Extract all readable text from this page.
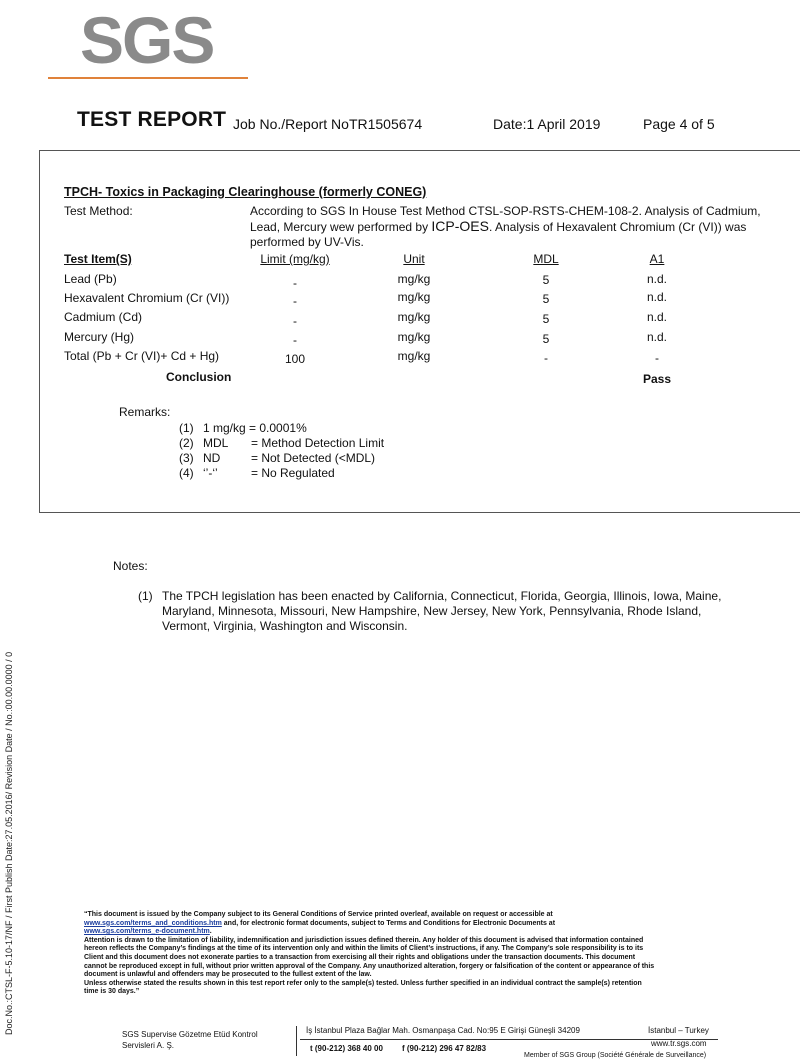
SGS
TEST REPORT Job No./Report NoTR1505674	Date:1 April 2019	Page 4 of 5
TPCH- Toxics in Packaging Clearinghouse (formerly CONEG)
Test Method:	According to SGS In House Test Method CTSL-SOP-RSTS-CHEM-108-2. Analysis of Cadmium,
Lead, Mercury wew performed by ICP-OES. Analysis of Hexavalent Chromium (Cr (VI)) was
performed by UV-Vis.
Test Item(S)	Limit (mg/kg)	Unit	MDL	A1
Lead (Pb)	-	mg/kg	5	n.d.
Hexavalent Chromium (Cr (VI))	-	mg/kg	5	n.d.
Cadmium (Cd)	-	mg/kg	5	n.d.
Mercury (Hg)	-	mg/kg	5	n.d.
Total (Pb + Cr (VI)+ Cd + Hg)	100	mg/kg	-	-
Conclusion	Pass
Remarks:
(1) 1 mg/kg = 0.0001%
(2) MDL = Method Detection Limit
(3) ND	= Not Detected (<MDL)
(4) ‘’-‘’	= No Regulated
Notes:
(1) The TPCH legislation has been enacted by California, Connecticut, Florida, Georgia, Illinois, Iowa, Maine,
Maryland, Minnesota, Missouri, New Hampshire, New Jersey, New York, Pennsylvania, Rhode Island,
Vermont, Virginia, Washington and Wisconsin.
Doc.No.:CTSL-F-5.10-17/NF / First Publish Date:27.05.2016/ Revision Date / No.:00.00.0000 / 0	“This document is issued by the Company subject to its General Conditions of Service printed overleaf, available on request or accessible at
www.sgs.com/terms_and_conditions.htm and, for electronic format documents, subject to Terms and Conditions for Electronic Documents at
www.sgs.com/terms_e-document.htm.
Attention is drawn to the limitation of liability, indemnification and jurisdiction issues defined therein. Any holder of this document is advised that information contained
hereon reflects the Company’s findings at the time of its intervention only and within the limits of Client’s instructions, if any. The Company’s sole responsibility is to its
Client and this document does not exonerate parties to a transaction from exercising all their rights and obligations under the transaction documents. This document
cannot be reproduced except in full, without prior written approval of the Company. Any unauthorized alteration, forgery or falsification of the content or appearance of this
document is unlawful and offenders may be prosecuted to the fullest extent of the law.
Unless otherwise stated the results shown in this test report refer only to the sample(s) tested. Unless further specified in an individual contract the sample(s) retention
time is 30 days.”
SGS Supervise Gözetme Etüd Kontrol
Servisleri A. Ş.
İş İstanbul Plaza Bağlar Mah. Osmanpaşa Cad. No:95 E Girişi Güneşli 34209	İstanbul – Turkey
t (90-212) 368 40 00 f (90-212) 296 47 82/83
www.tr.sgs.com
Member of SGS Group (Société Générale de Surveillance)
